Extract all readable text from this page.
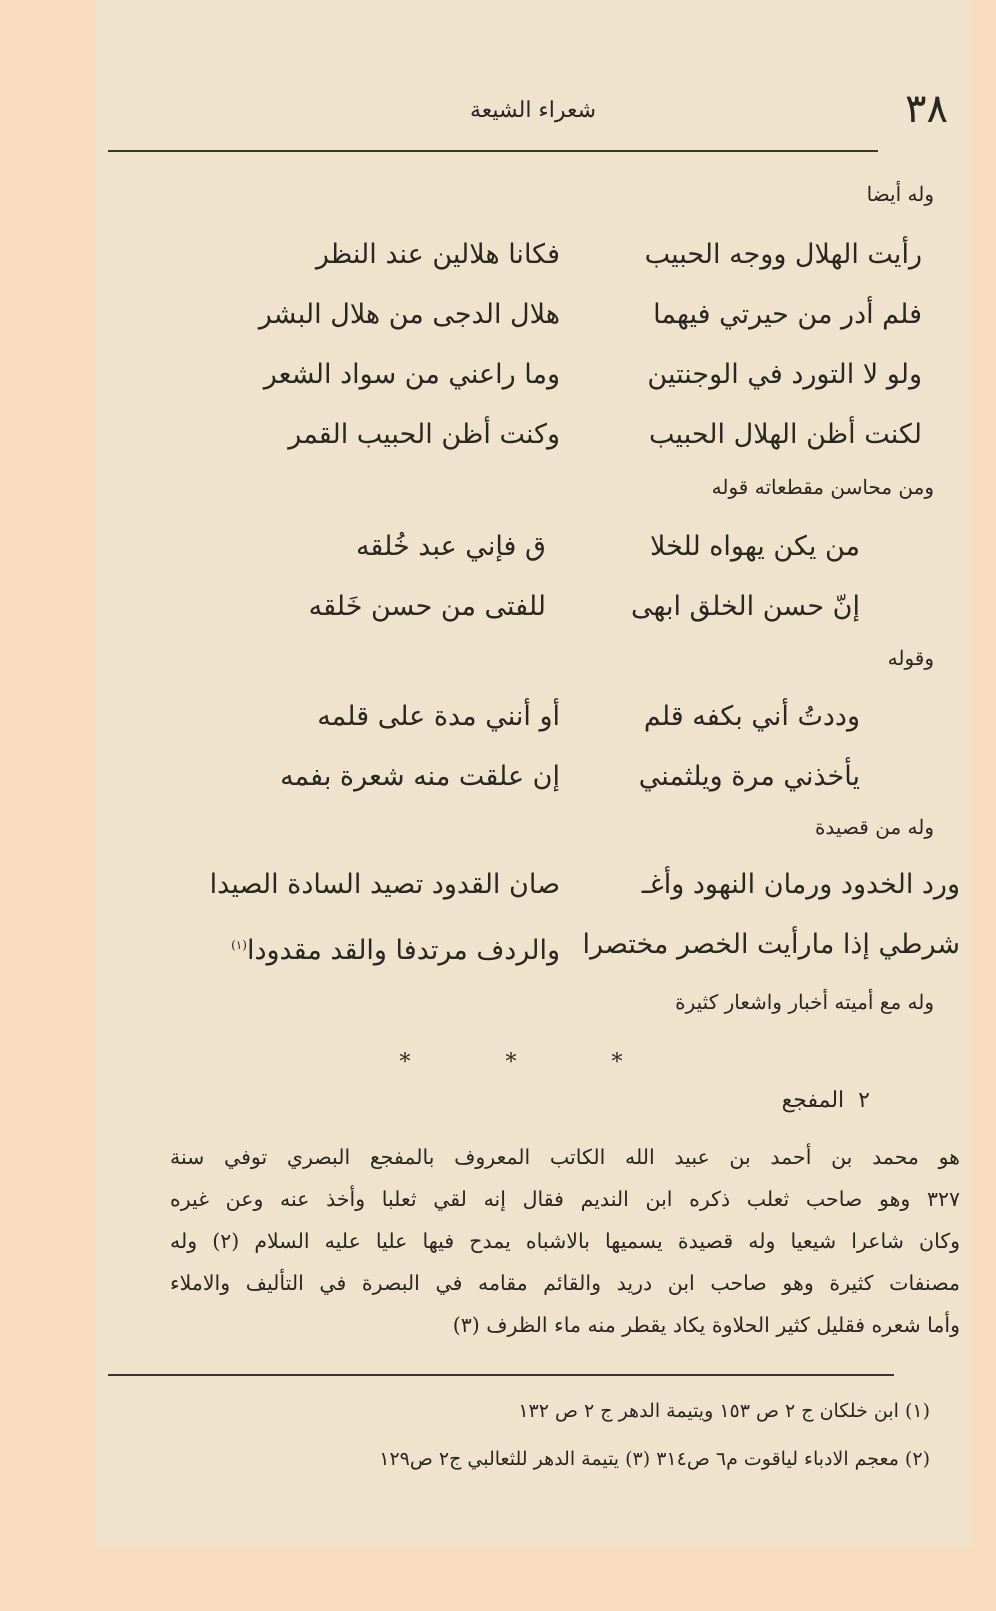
٣٨
شعراء الشيعة
وله أيضا
رأيت الهلال ووجه الحبيب
فكانا هلالين عند النظر
فلم أدر من حيرتي فيهما
هلال الدجى من هلال البشر
ولو لا التورد في الوجنتين
وما راعني من سواد الشعر
لكنت أظن الهلال الحبيب
وكنت أظن الحبيب القمر
ومن محاسن مقطعاته قوله
من يكن يهواه للخلا
ق فإني عبد خُلقه
إنّ حسن الخلق ابهى
للفتى من حسن خَلقه
وقوله
وددتُ أني بكفه قلم
أو أنني مدة على قلمه
يأخذني مرة ويلثمني
إن علقت منه شعرة بفمه
وله من قصيدة
ورد الخدود ورمان النهود وأغـ
صان القدود تصيد السادة الصيدا
شرطي إذا مارأيت الخصر مختصرا
والردف مرتدفا والقد مقدودا$^{(١)}$
وله مع أميته أخبار واشعار كثيرة
* * *
٢  المفجع
هو محمد بن أحمد بن عبيد الله الكاتب المعروف بالمفجع البصري توفي سنة
٣٢٧ وهو صاحب ثعلب ذكره ابن النديم فقال إنه لقي ثعلبا وأخذ عنه وعن غيره
وكان شاعرا شيعيا وله قصيدة يسميها بالاشباه يمدح فيها عليا عليه السلام (٢) وله
مصنفات كثيرة وهو صاحب ابن دريد والقائم مقامه في البصرة في التأليف والاملاء
وأما شعره فقليل كثير الحلاوة يكاد يقطر منه ماء الظرف (٣)
(١) ابن خلكان ج ٢ ص ١٥٣ ويتيمة الدهر ج ٢ ص ١٣٢
(٢) معجم الادباء لياقوت م٦ ص٣١٤ (٣) يتيمة الدهر للثعالبي ج٢ ص١٢٩
